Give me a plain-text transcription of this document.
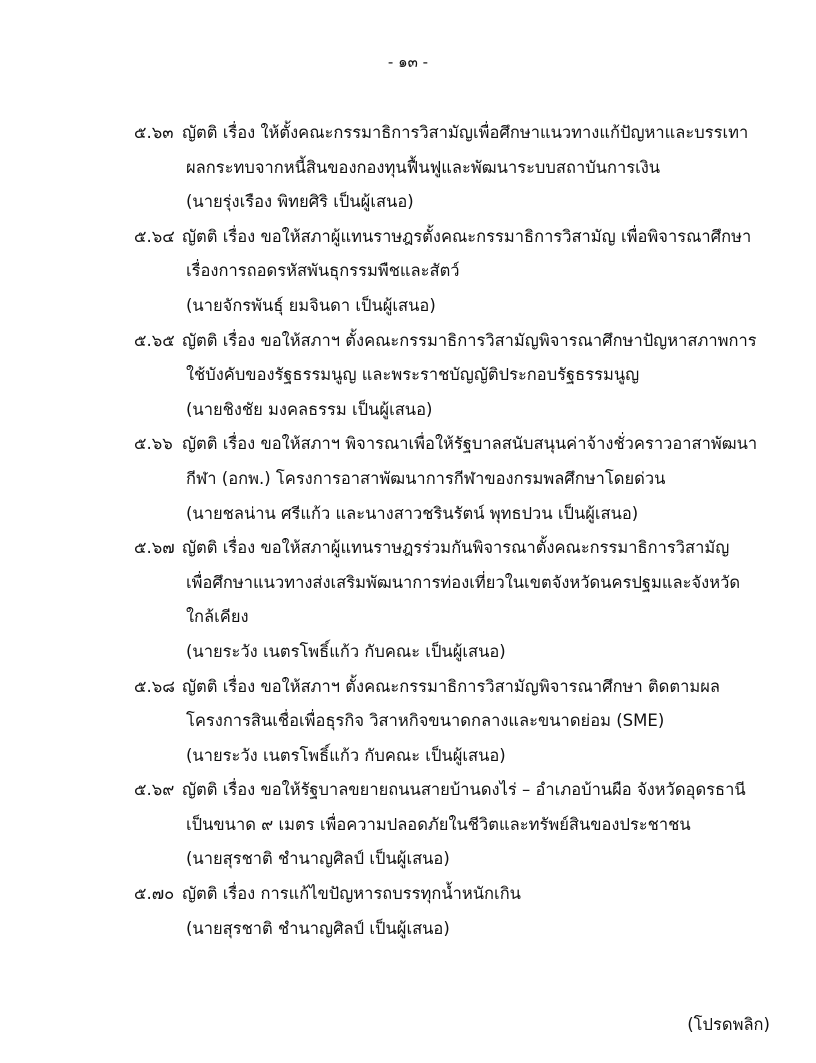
- ๑๓ -
๕.๖๓ ญัตติ เรื่อง ให้ตั้งคณะกรรมาธิการวิสามัญเพื่อศึกษาแนวทางแก้ปัญหาและบรรเทา
ผลกระทบจากหนี้สินของกองทุนฟื้นฟูและพัฒนาระบบสถาบันการเงิน
(นายรุ่งเรือง พิทยศิริ เป็นผู้เสนอ)
๕.๖๔ ญัตติ เรื่อง ขอให้สภาผู้แทนราษฎรตั้งคณะกรรมาธิการวิสามัญ เพื่อพิจารณาศึกษา
เรื่องการถอดรหัสพันธุกรรมพืชและสัตว์
(นายจักรพันธุ์ ยมจินดา เป็นผู้เสนอ)
๕.๖๕ ญัตติ เรื่อง ขอให้สภาฯ ตั้งคณะกรรมาธิการวิสามัญพิจารณาศึกษาปัญหาสภาพการ
ใช้บังคับของรัฐธรรมนูญ และพระราชบัญญัติประกอบรัฐธรรมนูญ
(นายชิงชัย มงคลธรรม เป็นผู้เสนอ)
๕.๖๖ ญัตติ เรื่อง ขอให้สภาฯ พิจารณาเพื่อให้รัฐบาลสนับสนุนค่าจ้างชั่วคราวอาสาพัฒนา
กีฬา (อกพ.) โครงการอาสาพัฒนาการกีฬาของกรมพลศึกษาโดยด่วน
(นายชลน่าน ศรีแก้ว และนางสาวชรินรัตน์ พุทธปวน เป็นผู้เสนอ)
๕.๖๗ ญัตติ เรื่อง ขอให้สภาผู้แทนราษฎรร่วมกันพิจารณาตั้งคณะกรรมาธิการวิสามัญ
เพื่อศึกษาแนวทางส่งเสริมพัฒนาการท่องเที่ยวในเขตจังหวัดนครปฐมและจังหวัด
ใกล้เคียง
(นายระวัง เนตรโพธิ์แก้ว กับคณะ เป็นผู้เสนอ)
๕.๖๘ ญัตติ เรื่อง ขอให้สภาฯ ตั้งคณะกรรมาธิการวิสามัญพิจารณาศึกษา ติดตามผล
โครงการสินเชื่อเพื่อธุรกิจ วิสาหกิจขนาดกลางและขนาดย่อม (SME)
(นายระวัง เนตรโพธิ์แก้ว กับคณะ เป็นผู้เสนอ)
๕.๖๙ ญัตติ เรื่อง ขอให้รัฐบาลขยายถนนสายบ้านดงไร่ – อำเภอบ้านผือ จังหวัดอุดรธานี
เป็นขนาด ๙ เมตร เพื่อความปลอดภัยในชีวิตและทรัพย์สินของประชาชน
(นายสุรชาติ ชำนาญศิลป์ เป็นผู้เสนอ)
๕.๗๐ ญัตติ เรื่อง การแก้ไขปัญหารถบรรทุกน้ำหนักเกิน
(นายสุรชาติ ชำนาญศิลป์ เป็นผู้เสนอ)
(โปรดพลิก)
